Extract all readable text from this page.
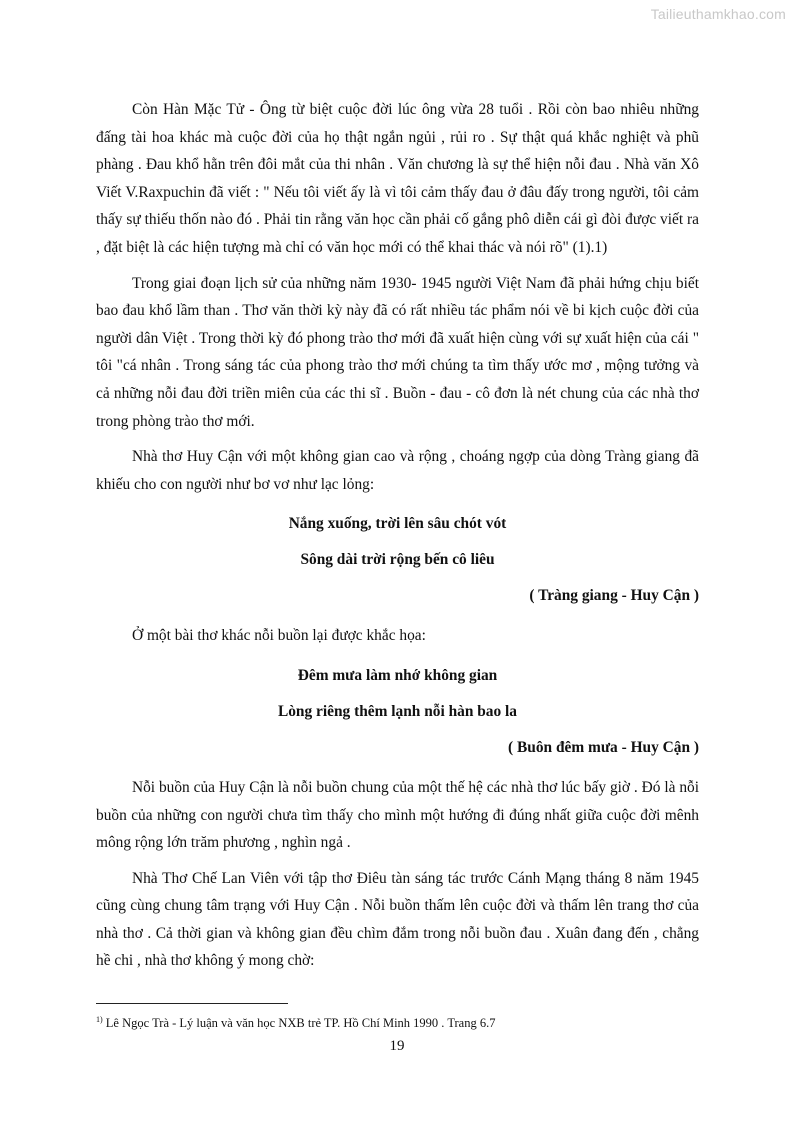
Tailieuthamkhao.com

Còn Hàn Mặc Tử - Ông từ biệt cuộc đời lúc ông vừa 28 tuổi . Rồi còn bao nhiêu những đấng tài hoa khác mà cuộc đời của họ thật ngắn ngủi , rủi ro . Sự thật quá khắc nghiệt và phũ phàng . Đau khổ hằn trên đôi mắt của thi nhân . Văn chương là sự thể hiện nỗi đau . Nhà văn Xô Viết V.Raxpuchin đã viết : " Nếu tôi viết ấy là vì tôi cảm thấy đau ở đâu đấy trong người, tôi cảm thấy sự thiếu thốn nào đó . Phải tin rằng văn học cần phải cố gắng phô diễn cái gì đòi được viết ra , đặt biệt là các hiện tượng mà chỉ có văn học mới có thể khai thác và nói rõ" (1).1)

Trong giai đoạn lịch sử của những năm 1930- 1945 người Việt Nam đã phải hứng chịu biết bao đau khổ lầm than . Thơ văn thời kỳ này đã có rất nhiều tác phẩm nói về bi kịch cuộc đời của người dân Việt . Trong thời kỳ đó phong trào thơ mới đã xuất hiện cùng với sự xuất hiện của cái " tôi "cá nhân . Trong sáng tác của phong trào thơ mới chúng ta tìm thấy ước mơ , mộng tưởng và cả những nỗi đau đời triền miên của các thi sĩ . Buồn - đau - cô đơn là nét chung của các nhà thơ trong phòng trào thơ mới.

Nhà thơ Huy Cận với một không gian cao và rộng , choáng ngợp của dòng Tràng giang đã khiếu cho con người như bơ vơ như lạc lỏng:

Nắng xuống, trời lên sâu chót vót

Sông dài trời rộng bến cô liêu

( Tràng giang - Huy Cận )

Ở một bài thơ khác nỗi buồn lại được khắc họa:

Đêm mưa làm nhớ không gian

Lòng riêng thêm lạnh nỗi hàn bao la

( Buôn đêm mưa - Huy Cận )

Nỗi buồn của Huy Cận là nỗi buồn chung của một thế hệ các nhà thơ lúc bấy giờ . Đó là nỗi buồn của những con người chưa tìm thấy cho mình một hướng đi đúng nhất giữa cuộc đời mênh mông rộng lớn trăm phương , nghìn ngả .

Nhà Thơ Chế Lan Viên với tập thơ Điêu tàn sáng tác trước Cánh Mạng tháng 8 năm 1945 cũng cùng chung tâm trạng với Huy Cận . Nỗi buồn thấm lên cuộc đời và thấm lên trang thơ của nhà thơ . Cả thời gian và không gian đều chìm đắm trong nỗi buồn đau . Xuân đang đến , chẳng hề chi , nhà thơ không ý mong chờ:

$^{1)}$ Lê Ngọc Trà - Lý luận và văn học NXB trẻ TP. Hồ Chí Minh 1990 . Trang 6.7
19
